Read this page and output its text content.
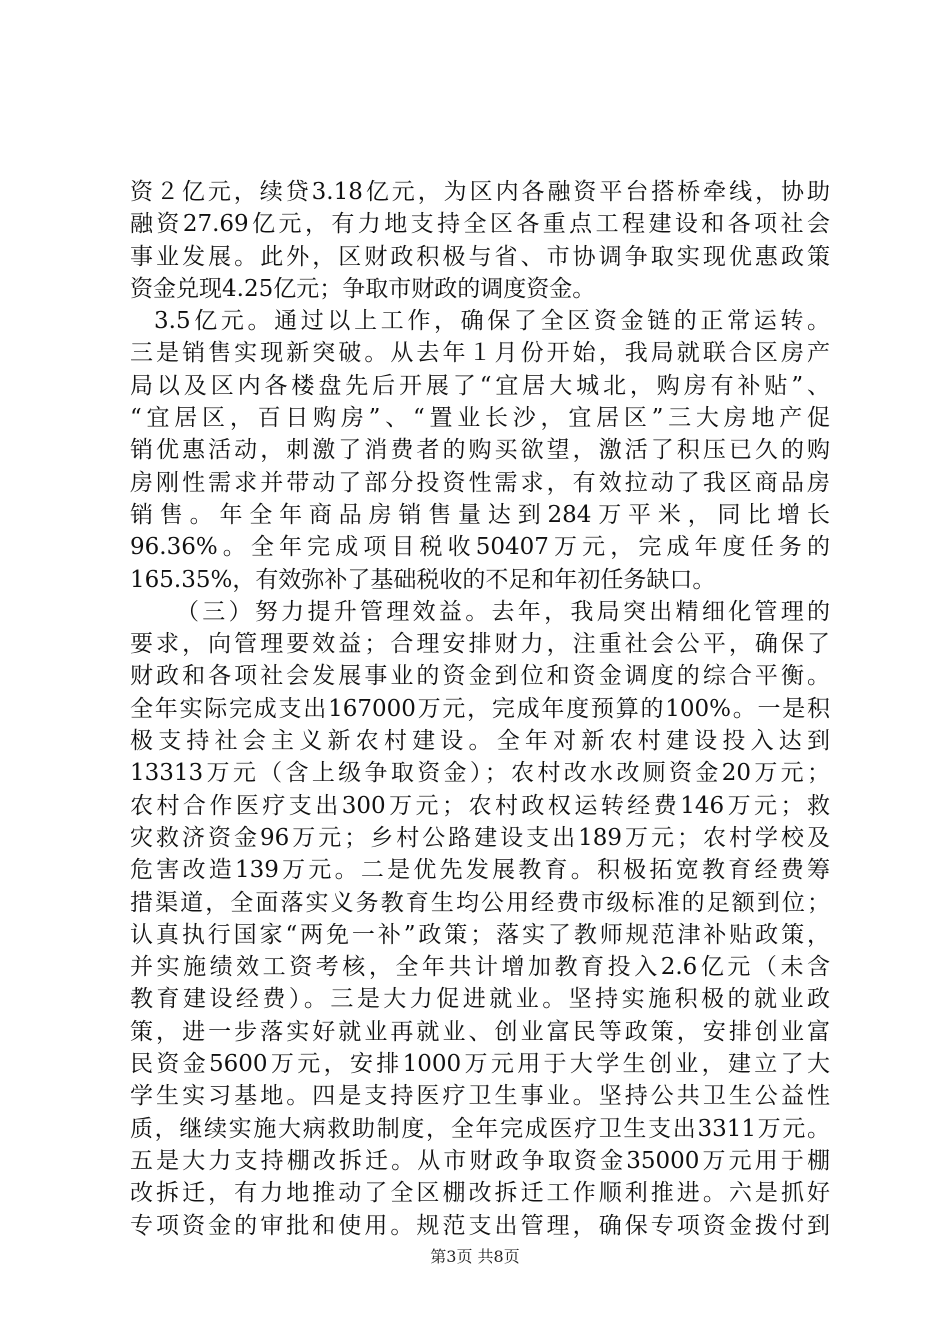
资２亿元，续贷3.18亿元，为区内各融资平台搭桥牵线，协助
融资27.69亿元，有力地支持全区各重点工程建设和各项社会
事业发展。此外，区财政积极与省、市协调争取实现优惠政策
资金兑现4.25亿元；争取市财政的调度资金。
3.5亿元。通过以上工作，确保了全区资金链的正常运转。
三是销售实现新突破。从去年１月份开始，我局就联合区房产
局以及区内各楼盘先后开展了“宜居大城北，购房有补贴”、
“宜居区，百日购房”、“置业长沙，宜居区”三大房地产促
销优惠活动，刺激了消费者的购买欲望，激活了积压已久的购
房刚性需求并带动了部分投资性需求，有效拉动了我区商品房
销售。年全年商品房销售量达到284万平米，同比增长
96.36%。全年完成项目税收50407万元，完成年度任务的
165.35%，有效弥补了基础税收的不足和年初任务缺口。
（三）努力提升管理效益。去年，我局突出精细化管理的
要求，向管理要效益；合理安排财力，注重社会公平，确保了
财政和各项社会发展事业的资金到位和资金调度的综合平衡。
全年实际完成支出167000万元，完成年度预算的100%。一是积
极支持社会主义新农村建设。全年对新农村建设投入达到
13313万元（含上级争取资金）；农村改水改厕资金20万元；
农村合作医疗支出300万元；农村政权运转经费146万元；救
灾救济资金96万元；乡村公路建设支出189万元；农村学校及
危害改造139万元。二是优先发展教育。积极拓宽教育经费筹
措渠道，全面落实义务教育生均公用经费市级标准的足额到位；
认真执行国家“两免一补”政策；落实了教师规范津补贴政策，
并实施绩效工资考核，全年共计增加教育投入2.6亿元（未含
教育建设经费）。三是大力促进就业。坚持实施积极的就业政
策，进一步落实好就业再就业、创业富民等政策，安排创业富
民资金5600万元，安排1000万元用于大学生创业，建立了大
学生实习基地。四是支持医疗卫生事业。坚持公共卫生公益性
质，继续实施大病救助制度，全年完成医疗卫生支出3311万元。
五是大力支持棚改拆迁。从市财政争取资金35000万元用于棚
改拆迁，有力地推动了全区棚改拆迁工作顺利推进。六是抓好
专项资金的审批和使用。规范支出管理，确保专项资金拨付到
第3页 共8页
